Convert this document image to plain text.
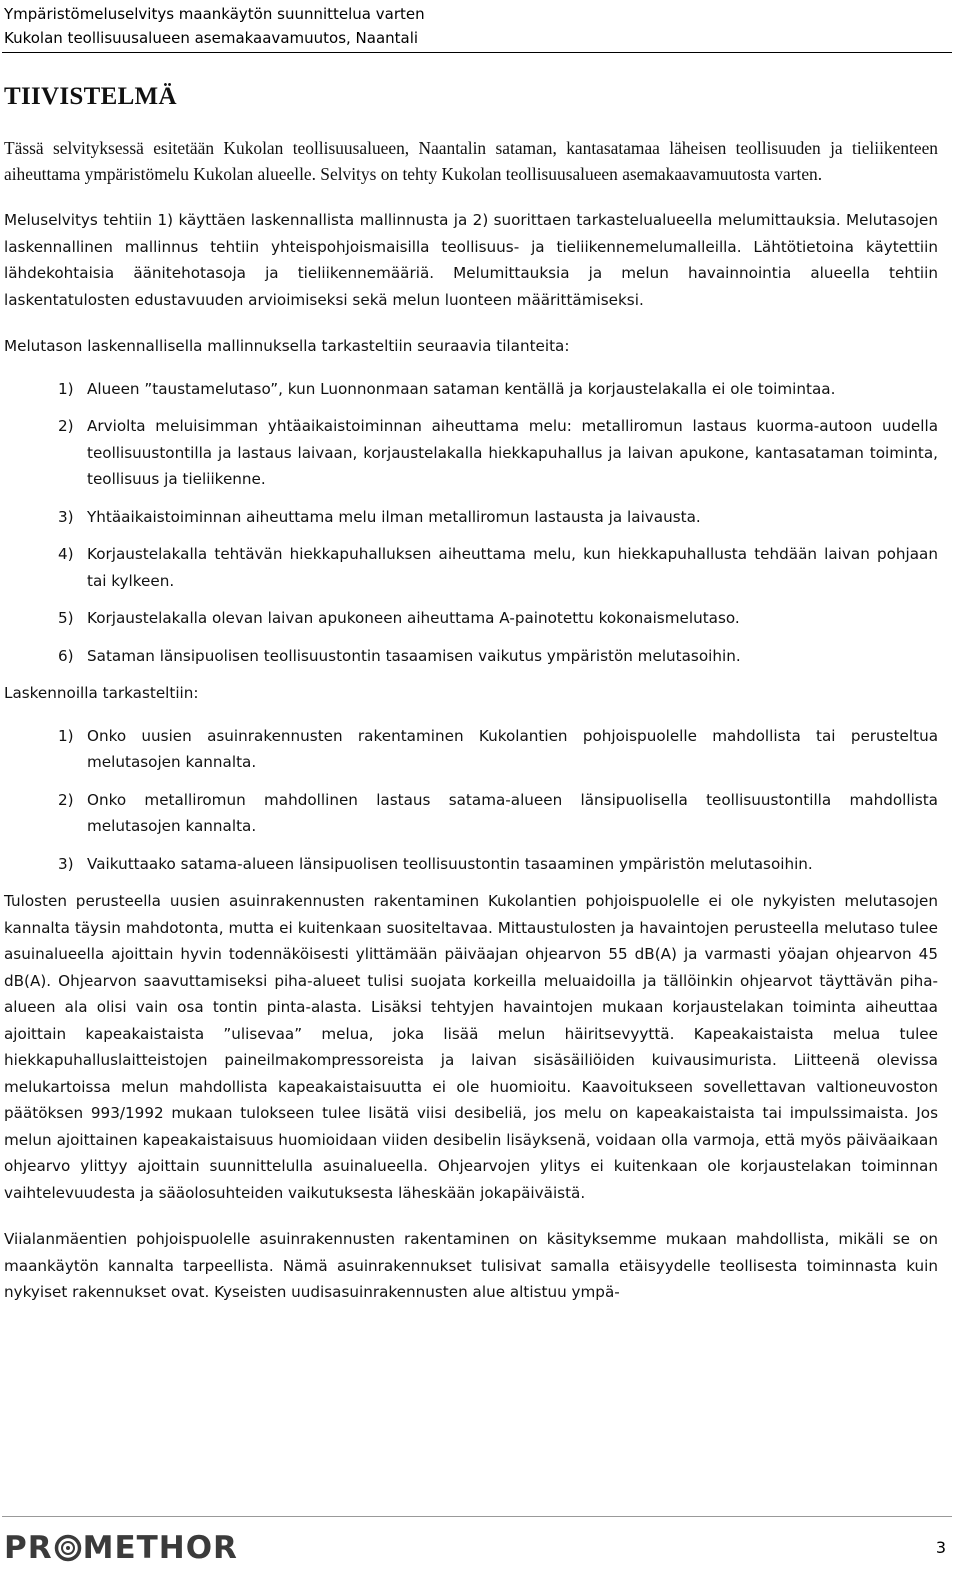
Ympäristömeluselvitys maankäytön suunnittelua varten
Kukolan teollisuusalueen asemakaavamuutos, Naantali
TIIVISTELMÄ

Tässä selvityksessä esitetään Kukolan teollisuusalueen, Naantalin sataman, kantasatamaa läheisen teollisuuden ja tieliikenteen aiheuttama ympäristömelu Kukolan alueelle. Selvitys on tehty Kukolan teollisuusalueen asemakaavamuutosta varten.

Meluselvitys tehtiin 1) käyttäen laskennallista mallinnusta ja 2) suorittaen tarkastelualueella melumittauksia. Melutasojen laskennallinen mallinnus tehtiin yhteispohjoismaisilla teollisuus- ja tieliikennemelumalleilla. Lähtötietoina käytettiin lähdekohtaisia äänitehotasoja ja tieliikennemääriä. Melumittauksia ja melun havainnointia alueella tehtiin laskentatulosten edustavuuden arvioimiseksi sekä melun luonteen määrittämiseksi.

Melutason laskennallisella mallinnuksella tarkasteltiin seuraavia tilanteita:

1) Alueen ”taustamelutaso”, kun Luonnonmaan sataman kentällä ja korjaustelakalla ei ole toimintaa.
2) Arviolta meluisimman yhtäaikaistoiminnan aiheuttama melu: metalliromun lastaus kuorma-autoon uudella teollisuustontilla ja lastaus laivaan, korjaustelakalla hiekkapuhallus ja laivan apukone, kantasataman toiminta, teollisuus ja tieliikenne.
3) Yhtäaikaistoiminnan aiheuttama melu ilman metalliromun lastausta ja laivausta.
4) Korjaustelakalla tehtävän hiekkapuhalluksen aiheuttama melu, kun hiekkapuhallusta tehdään laivan pohjaan tai kylkeen.
5) Korjaustelakalla olevan laivan apukoneen aiheuttama A-painotettu kokonaismelutaso.
6) Sataman länsipuolisen teollisuustontin tasaamisen vaikutus ympäristön melutasoihin.

Laskennoilla tarkasteltiin:

1) Onko uusien asuinrakennusten rakentaminen Kukolantien pohjoispuolelle mahdollista tai perusteltua melutasojen kannalta.
2) Onko metalliromun mahdollinen lastaus satama-alueen länsipuolisella teollisuustontilla mahdollista melutasojen kannalta.
3) Vaikuttaako satama-alueen länsipuolisen teollisuustontin tasaaminen ympäristön melutasoihin.

Tulosten perusteella uusien asuinrakennusten rakentaminen Kukolantien pohjoispuolelle ei ole nykyisten melutasojen kannalta täysin mahdotonta, mutta ei kuitenkaan suositeltavaa. Mittaustulosten ja havaintojen perusteella melutaso tulee asuinalueella ajoittain hyvin todennäköisesti ylittämään päiväajan ohjearvon 55 dB(A) ja varmasti yöajan ohjearvon 45 dB(A). Ohjearvon saavuttamiseksi piha-alueet tulisi suojata korkeilla meluaidoilla ja tällöinkin ohjearvot täyttävän piha-alueen ala olisi vain osa tontin pinta-alasta. Lisäksi tehtyjen havaintojen mukaan korjaustelakan toiminta aiheuttaa ajoittain kapeakaistaista ”ulisevaa” melua, joka lisää melun häiritsevyyttä. Kapeakaistaista melua tulee hiekkapuhalluslaitteistojen paineilmakompressoreista ja laivan sisäsäiliöiden kuivausimurista. Liitteenä olevissa melukartoissa melun mahdollista kapeakaistaisuutta ei ole huomioitu. Kaavoitukseen sovellettavan valtioneuvoston päätöksen 993/1992 mukaan tulokseen tulee lisätä viisi desibeliä, jos melu on kapeakaistaista tai impulssimaista. Jos melun ajoittainen kapeakaistaisuus huomioidaan viiden desibelin lisäyksenä, voidaan olla varmoja, että myös päiväaikaan ohjearvo ylittyy ajoittain suunnittelulla asuinalueella. Ohjearvojen ylitys ei kuitenkaan ole korjaustelakan toiminnan vaihtelevuudesta ja sääolosuhteiden vaikutuksesta läheskään jokapäiväistä.

Viialanmäentien pohjoispuolelle asuinrakennusten rakentaminen on käsityksemme mukaan mahdollista, mikäli se on maankäytön kannalta tarpeellista. Nämä asuinrakennukset tulisivat samalla etäisyydelle teollisesta toiminnasta kuin nykyiset rakennukset ovat. Kyseisten uudisasuinrakennusten alue altistuu ympä-

PR METHOR	3
